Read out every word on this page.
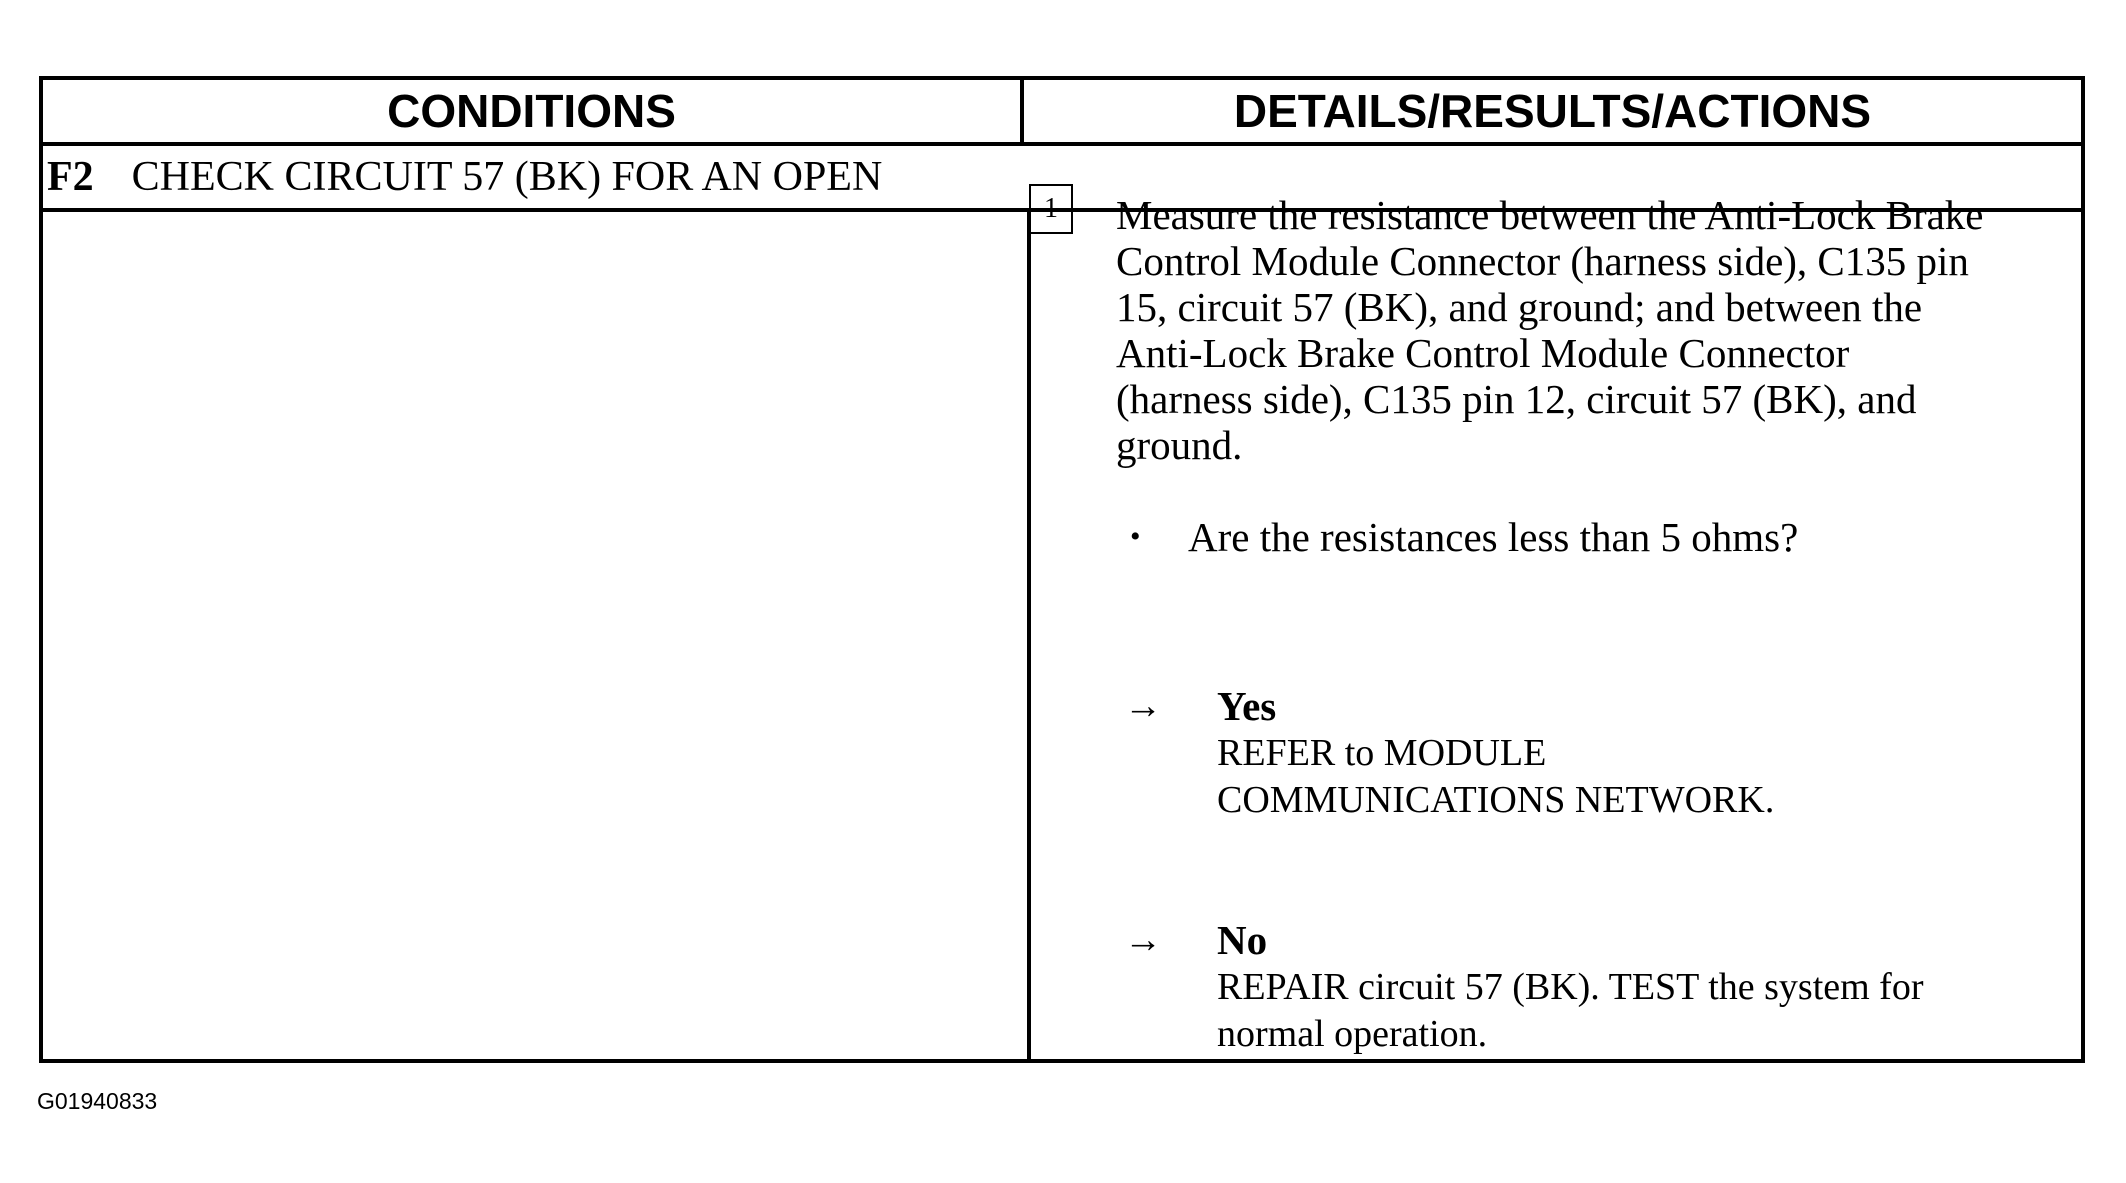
CONDITIONS	DETAILS/RESULTS/ACTIONS
F2 CHECK CIRCUIT 57 (BK) FOR AN OPEN
1	Measure the resistance between the Anti-Lock Brake Control Module Connector (harness side), C135 pin 15, circuit 57 (BK), and ground; and between the Anti-Lock Brake Control Module Connector (harness side), C135 pin 12, circuit 57 (BK), and ground.
• Are the resistances less than 5 ohms?
→ Yes
REFER to MODULE COMMUNICATIONS NETWORK.
→ No
REPAIR circuit 57 (BK). TEST the system for normal operation.
G01940833
